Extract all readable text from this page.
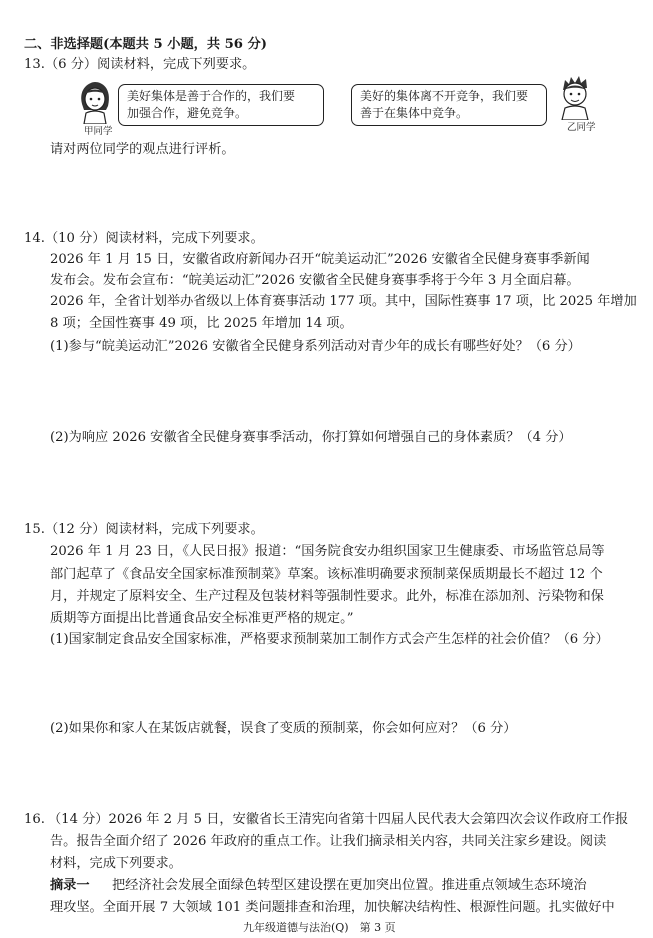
二、非选择题(本题共 5 小题，共 56 分)
13.（6 分）阅读材料，完成下列要求。
甲同学
美好集体是善于合作的，我们要
加强合作，避免竞争。
美好的集体离不开竞争，我们要
善于在集体中竞争。
乙同学
请对两位同学的观点进行评析。
14.（10 分）阅读材料，完成下列要求。
2026 年 1 月 15 日，安徽省政府新闻办召开“皖美运动汇”2026 安徽省全民健身赛事季新闻
发布会。发布会宣布：“皖美运动汇”2026 安徽省全民健身赛事季将于今年 3 月全面启幕。
2026 年，全省计划举办省级以上体育赛事活动 177 项。其中，国际性赛事 17 项，比 2025 年增加
8 项；全国性赛事 49 项，比 2025 年增加 14 项。
(1)参与“皖美运动汇”2026 安徽省全民健身系列活动对青少年的成长有哪些好处？（6 分）
(2)为响应 2026 安徽省全民健身赛事季活动，你打算如何增强自己的身体素质？（4 分）
15.（12 分）阅读材料，完成下列要求。
2026 年 1 月 23 日，《人民日报》报道：“国务院食安办组织国家卫生健康委、市场监管总局等
部门起草了《食品安全国家标准预制菜》草案。该标准明确要求预制菜保质期最长不超过 12 个
月，并规定了原料安全、生产过程及包装材料等强制性要求。此外，标准在添加剂、污染物和保
质期等方面提出比普通食品安全标准更严格的规定。”
(1)国家制定食品安全国家标准，严格要求预制菜加工制作方式会产生怎样的社会价值？（6 分）
(2)如果你和家人在某饭店就餐，误食了变质的预制菜，你会如何应对？（6 分）
16. （14 分）2026 年 2 月 5 日，安徽省长王清宪向省第十四届人民代表大会第四次会议作政府工作报
告。报告全面介绍了 2026 年政府的重点工作。让我们摘录相关内容，共同关注家乡建设。阅读
材料，完成下列要求。
摘录一 把经济社会发展全面绿色转型区建设摆在更加突出位置。推进重点领域生态环境治
理攻坚。全面开展 7 大领域 101 类问题排查和治理，加快解决结构性、根源性问题。扎实做好中
九年级道德与法治(Q)　第 3 页
